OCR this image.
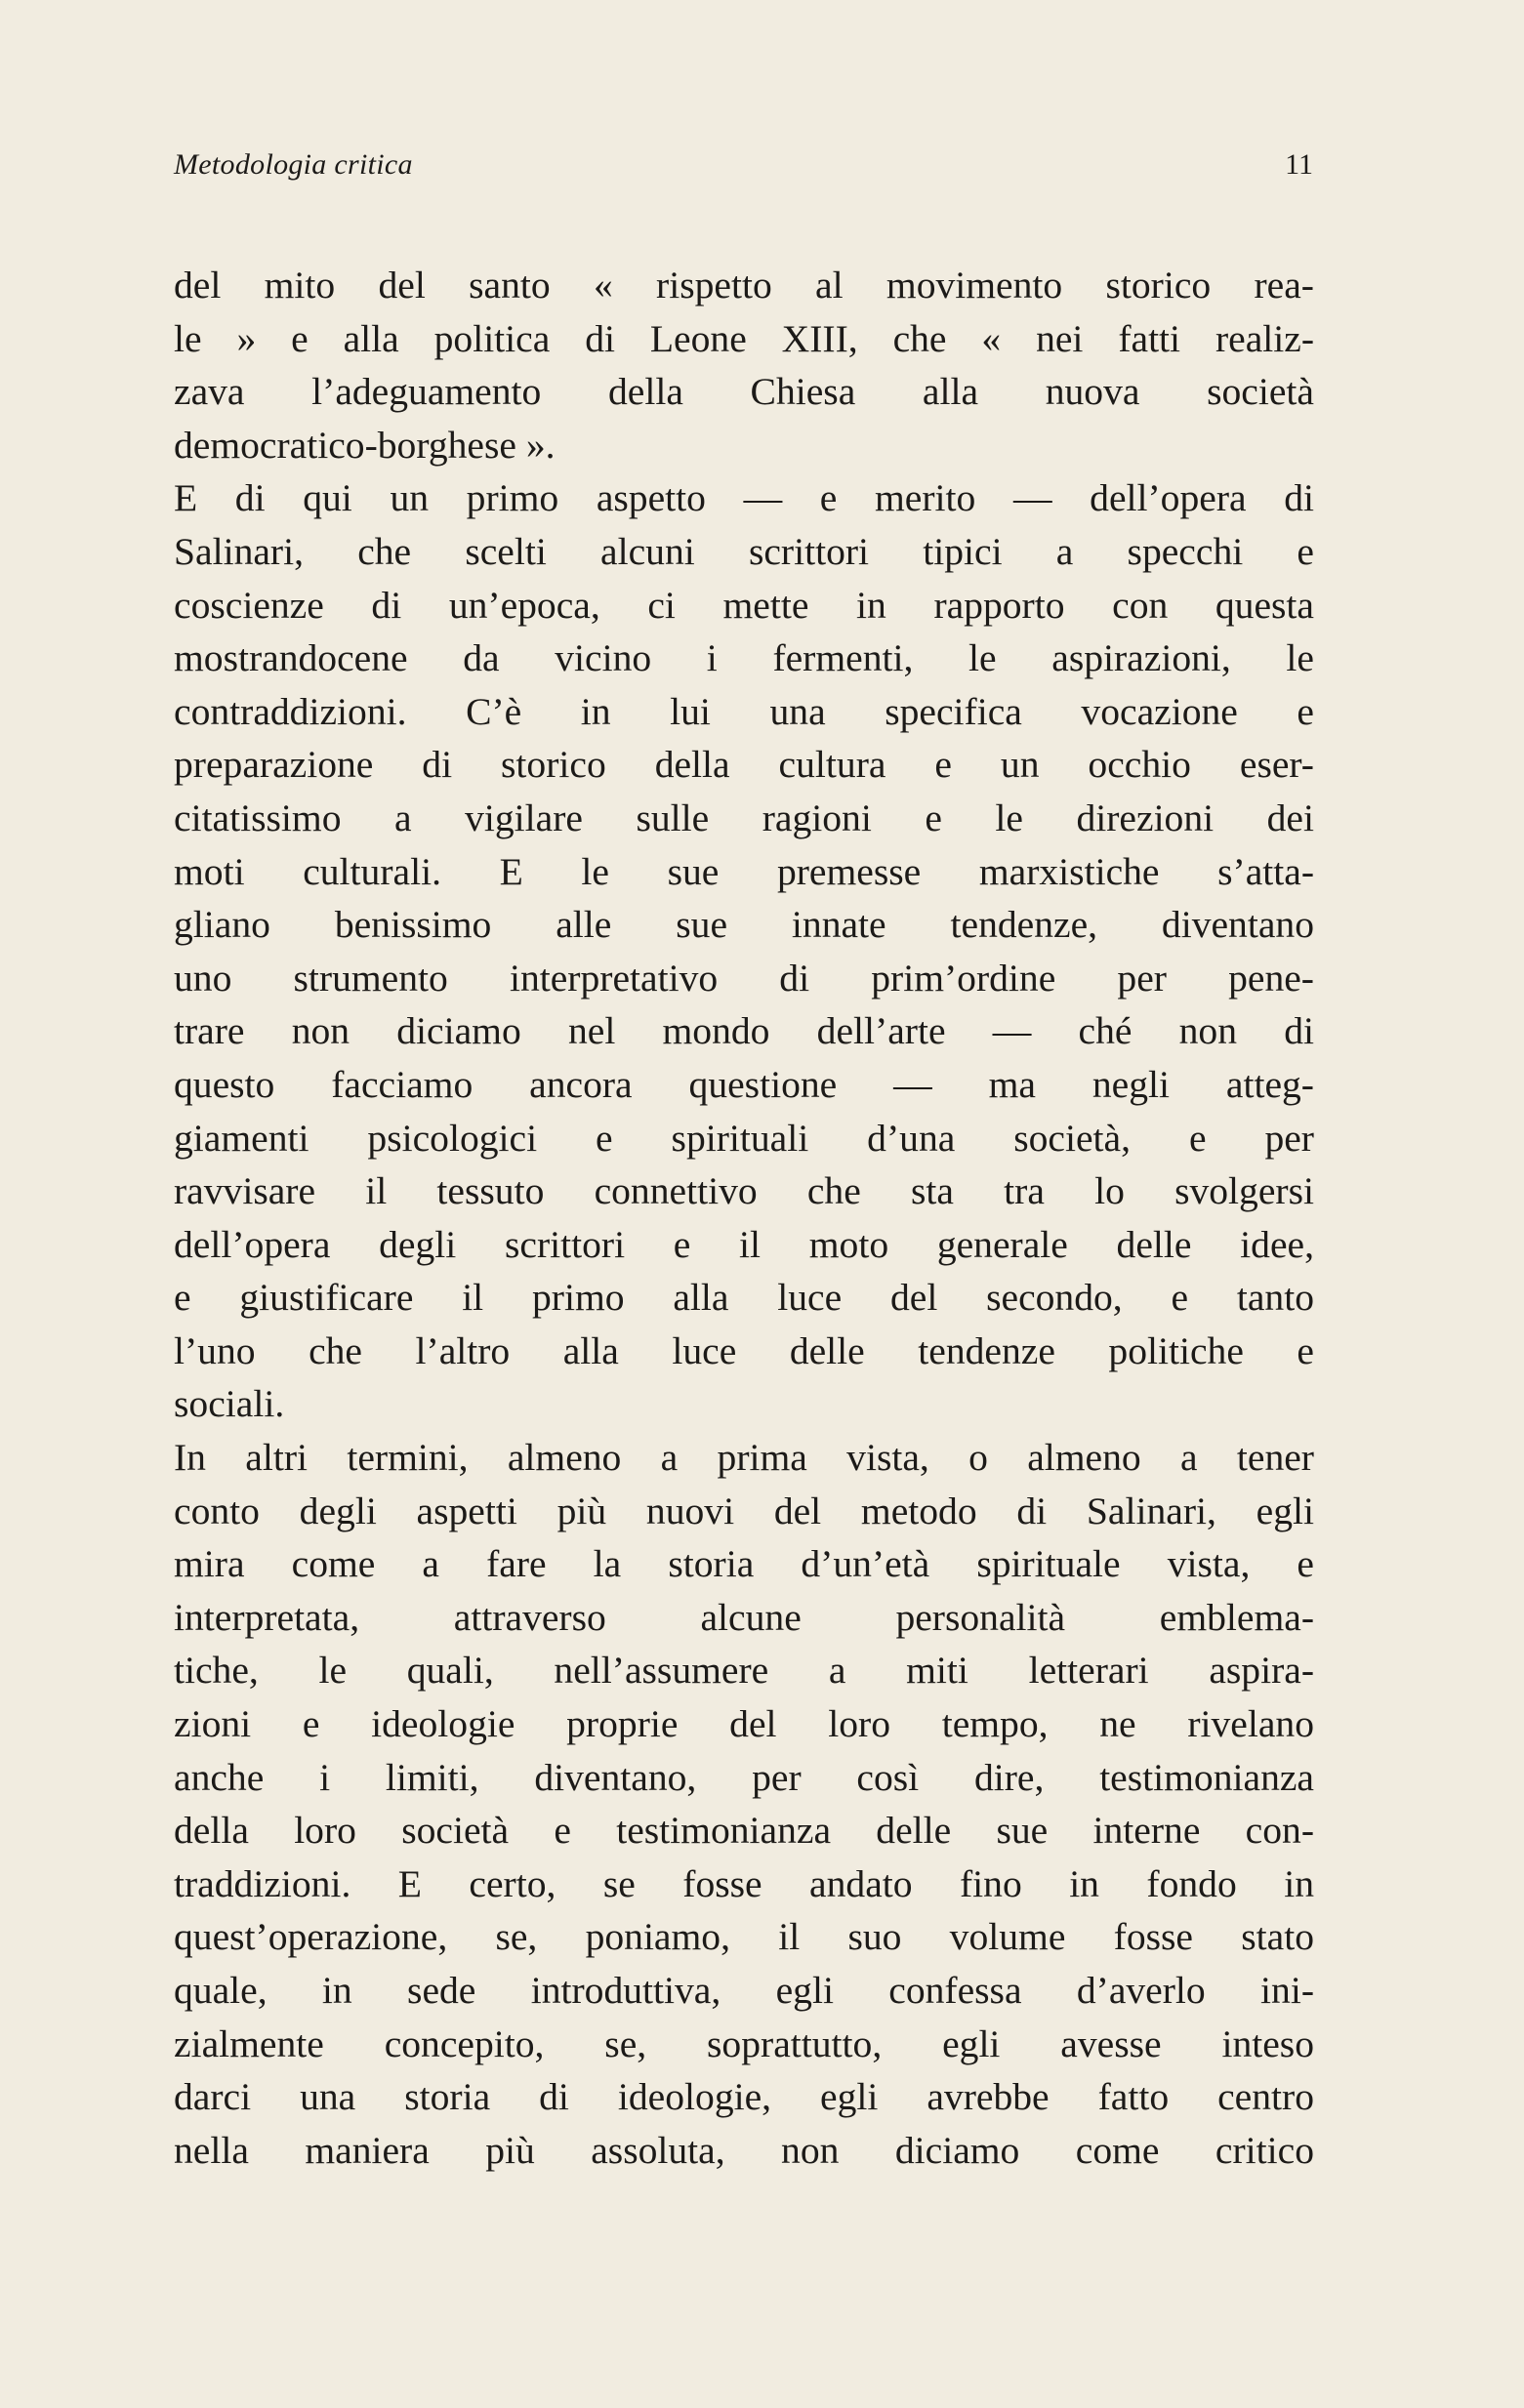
Metodologia critica	11
del mito del santo « rispetto al movimento storico rea-
le » e alla politica di Leone XIII, che « nei fatti realiz-
zava l’adeguamento della Chiesa alla nuova società
democratico-borghese ».
E di qui un primo aspetto — e merito — dell’opera di
Salinari, che scelti alcuni scrittori tipici a specchi e
coscienze di un’epoca, ci mette in rapporto con questa
mostrandocene da vicino i fermenti, le aspirazioni, le
contraddizioni. C’è in lui una specifica vocazione e
preparazione di storico della cultura e un occhio eser-
citatissimo a vigilare sulle ragioni e le direzioni dei
moti culturali. E le sue premesse marxistiche s’atta-
gliano benissimo alle sue innate tendenze, diventano
uno strumento interpretativo di prim’ordine per pene-
trare non diciamo nel mondo dell’arte — ché non di
questo facciamo ancora questione — ma negli atteg-
giamenti psicologici e spirituali d’una società, e per
ravvisare il tessuto connettivo che sta tra lo svolgersi
dell’opera degli scrittori e il moto generale delle idee,
e giustificare il primo alla luce del secondo, e tanto
l’uno che l’altro alla luce delle tendenze politiche e
sociali.
In altri termini, almeno a prima vista, o almeno a tener
conto degli aspetti più nuovi del metodo di Salinari, egli
mira come a fare la storia d’un’età spirituale vista, e
interpretata, attraverso alcune personalità emblema-
tiche, le quali, nell’assumere a miti letterari aspira-
zioni e ideologie proprie del loro tempo, ne rivelano
anche i limiti, diventano, per così dire, testimonianza
della loro società e testimonianza delle sue interne con-
traddizioni. E certo, se fosse andato fino in fondo in
quest’operazione, se, poniamo, il suo volume fosse stato
quale, in sede introduttiva, egli confessa d’averlo ini-
zialmente concepito, se, soprattutto, egli avesse inteso
darci una storia di ideologie, egli avrebbe fatto centro
nella maniera più assoluta, non diciamo come critico
